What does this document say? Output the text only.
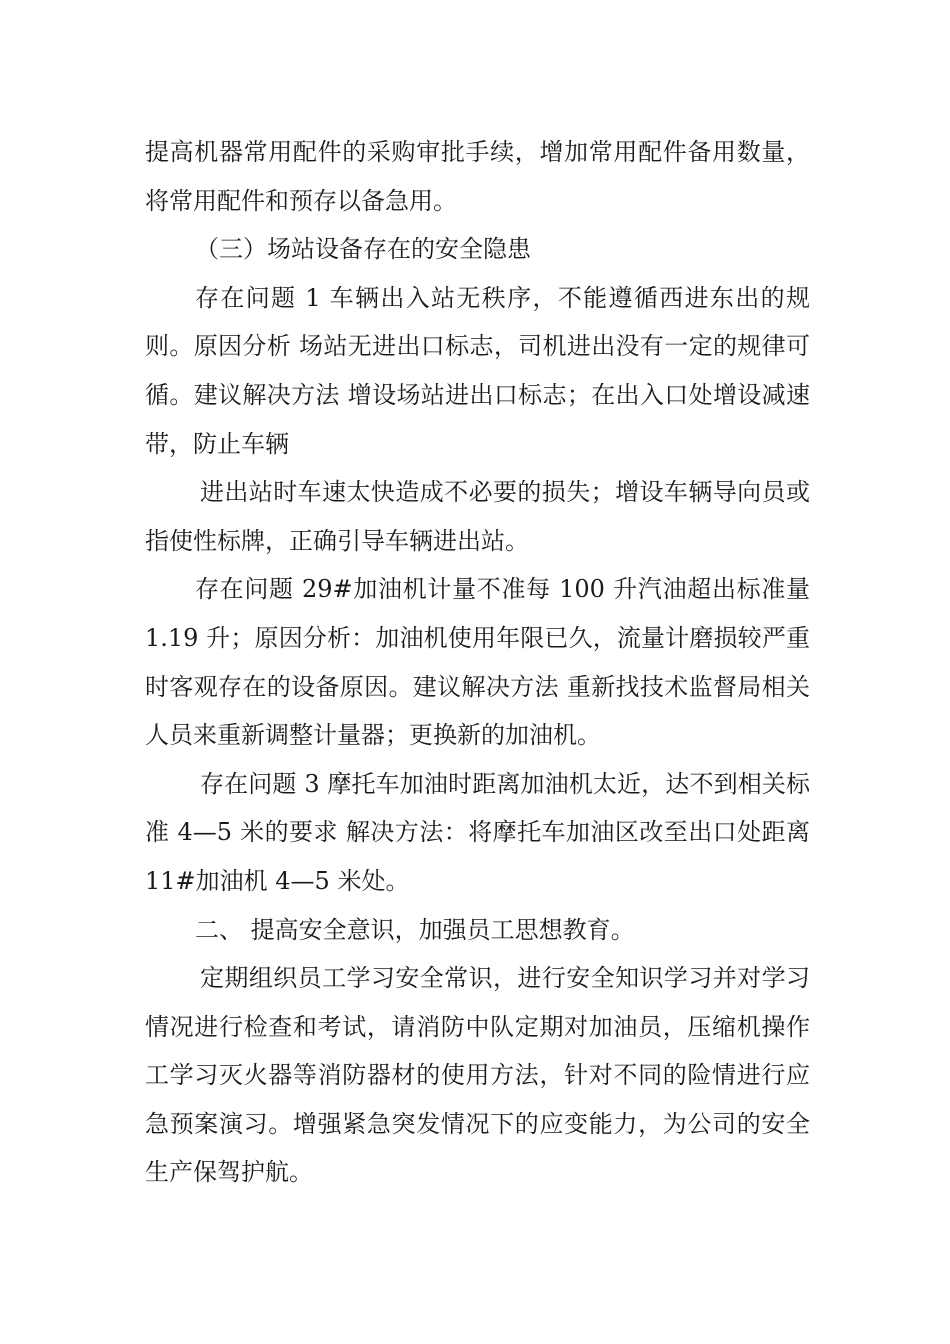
提高机器常用配件的采购审批手续，增加常用配件备用数量，将常用配件和预存以备急用。

（三）场站设备存在的安全隐患

存在问题 1 车辆出入站无秩序，不能遵循西进东出的规则。原因分析 场站无进出口标志，司机进出没有一定的规律可循。建议解决方法 增设场站进出口标志；在出入口处增设减速带，防止车辆

进出站时车速太快造成不必要的损失；增设车辆导向员或指使性标牌，正确引导车辆进出站。

存在问题 29#加油机计量不准每 100 升汽油超出标准量 1.19 升；原因分析：加油机使用年限已久，流量计磨损较严重时客观存在的设备原因。建议解决方法 重新找技术监督局相关人员来重新调整计量器；更换新的加油机。

存在问题 3 摩托车加油时距离加油机太近，达不到相关标准 4—5 米的要求 解决方法：将摩托车加油区改至出口处距离 11#加油机 4—5 米处。

二、 提高安全意识，加强员工思想教育。

定期组织员工学习安全常识，进行安全知识学习并对学习情况进行检查和考试，请消防中队定期对加油员，压缩机操作工学习灭火器等消防器材的使用方法，针对不同的险情进行应急预案演习。增强紧急突发情况下的应变能力，为公司的安全生产保驾护航。
